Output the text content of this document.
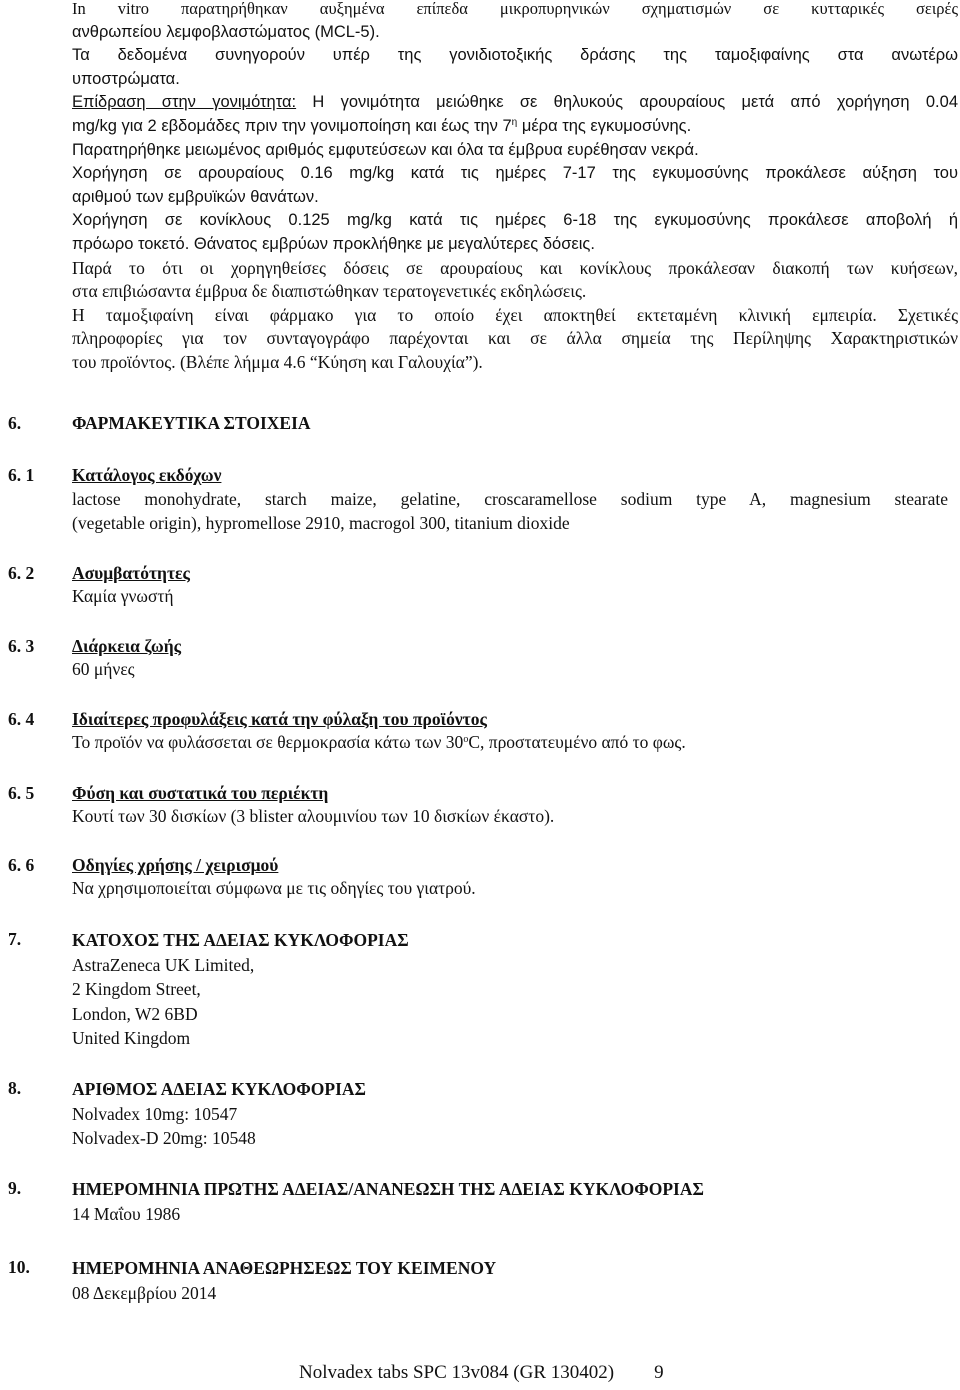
In vitro παρατηρήθηκαν αυξημένα επίπεδα μικροπυρηνικών σχηματισμών σε κυτταρικές σειρές
ανθρωπείου λεμφοβλαστώματος (MCL-5).
Τα δεδομένα συνηγορούν υπέρ της γονιδιοτοξικής δράσης της ταμοξιφαίνης στα ανωτέρω
υποστρώματα.
Επίδραση στην γονιμότητα: Η γονιμότητα μειώθηκε σε θηλυκούς αρουραίους μετά από χορήγηση 0.04
mg/kg για 2 εβδομάδες πριν την γονιμοποίηση και έως την $7^\eta$ μέρα της εγκυμοσύνης.
Παρατηρήθηκε μειωμένος αριθμός εμφυτεύσεων και όλα τα έμβρυα ευρέθησαν νεκρά.
Χορήγηση σε αρουραίους 0.16 mg/kg κατά τις ημέρες 7-17 της εγκυμοσύνης προκάλεσε αύξηση του
αριθμού των εμβρυϊκών θανάτων.
Χορήγηση σε κονίκλους 0.125 mg/kg κατά τις ημέρες 6-18 της εγκυμοσύνης προκάλεσε αποβολή ή
πρόωρο τοκετό. Θάνατος εμβρύων προκλήθηκε με μεγαλύτερες δόσεις.
Παρά το ότι οι χορηγηθείσες δόσεις σε αρουραίους και κονίκλους προκάλεσαν διακοπή των κυήσεων,
στα επιβιώσαντα έμβρυα δε διαπιστώθηκαν τερατογενετικές εκδηλώσεις.
Η ταμοξιφαίνη είναι φάρμακο για το οποίο έχει αποκτηθεί εκτεταμένη κλινική εμπειρία. Σχετικές
πληροφορίες για τον συνταγογράφο παρέχονται και σε άλλα σημεία της Περίληψης Χαρακτηριστικών
του προϊόντος. (Βλέπε λήμμα 4.6 “Κύηση και Γαλουχία”).
6.	ΦΑΡΜΑΚΕΥΤΙΚΑ ΣΤΟΙΧΕΙΑ
6. 1 Κατάλογος εκδόχων
lactose monohydrate, starch maize, gelatine, croscaramellose sodium type A, magnesium stearate
(vegetable origin), hypromellose 2910, macrogol 300, titanium dioxide
6. 2 Ασυμβατότητες
Καμία γνωστή
6. 3 Διάρκεια ζωής
60 μήνες
6. 4 Ιδιαίτερες προφυλάξεις κατά την φύλαξη του προϊόντος
Το προϊόν να φυλάσσεται σε θερμοκρασία κάτω των 30$^o$C, προστατευμένο από το φως.
6. 5 Φύση και συστατικά του περιέκτη
Κουτί των 30 δισκίων (3 blister αλουμινίου των 10 δισκίων έκαστο).
6. 6 Οδηγίες χρήσης / χειρισμού
Να χρησιμοποιείται σύμφωνα με τις οδηγίες του γιατρού.
7.	ΚΑΤΟΧΟΣ ΤΗΣ ΑΔΕΙΑΣ ΚΥΚΛΟΦΟΡΙΑΣ
AstraZeneca UK Limited,
2 Kingdom Street,
London, W2 6BD
United Kingdom
8.	ΑΡΙΘΜΟΣ ΑΔΕΙΑΣ ΚΥΚΛΟΦΟΡΙΑΣ
Nolvadex 10mg: 10547
Nolvadex-D 20mg: 10548
9.	ΗΜΕΡΟΜΗΝΙΑ ΠΡΩΤΗΣ ΑΔΕΙΑΣ/ΑΝΑΝΕΩΣΗ ΤΗΣ ΑΔΕΙΑΣ ΚΥΚΛΟΦΟΡΙΑΣ
14 Μαΐου 1986
10. ΗΜΕΡΟΜΗΝΙΑ ΑΝΑΘΕΩΡΗΣΕΩΣ ΤΟΥ ΚΕΙΜΕΝΟΥ
08 Δεκεμβρίου 2014
Nolvadex tabs SPC 13v084 (GR 130402) 9
